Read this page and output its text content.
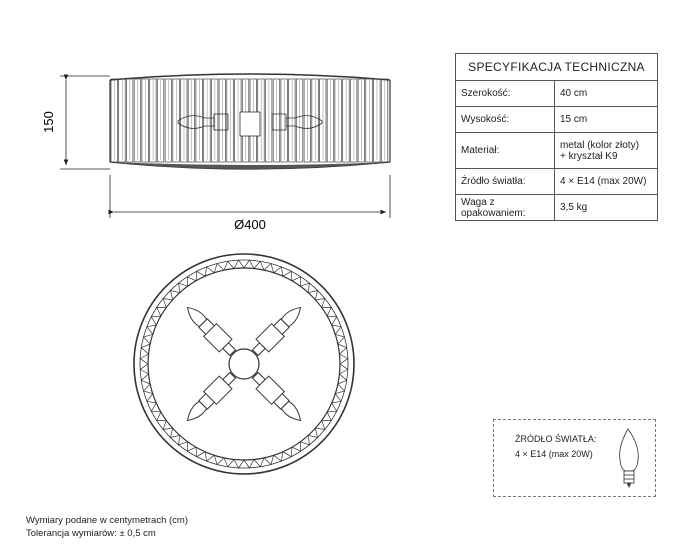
150
Ø400
SPECYFIKACJA TECHNICZNA	
Szerokość:	40 cm
Wysokość:	15 cm
Materiał:	metal (kolor złoty)
+ kryształ K9
Źródło światła:	4 × E14 (max 20W)
Waga z opakowaniem:	3,5 kg
ŹRÓDŁO ŚWIATŁA:
4 × E14 (max 20W)
Wymiary podane w centymetrach (cm)
Tolerancja wymiarów: ± 0,5 cm
